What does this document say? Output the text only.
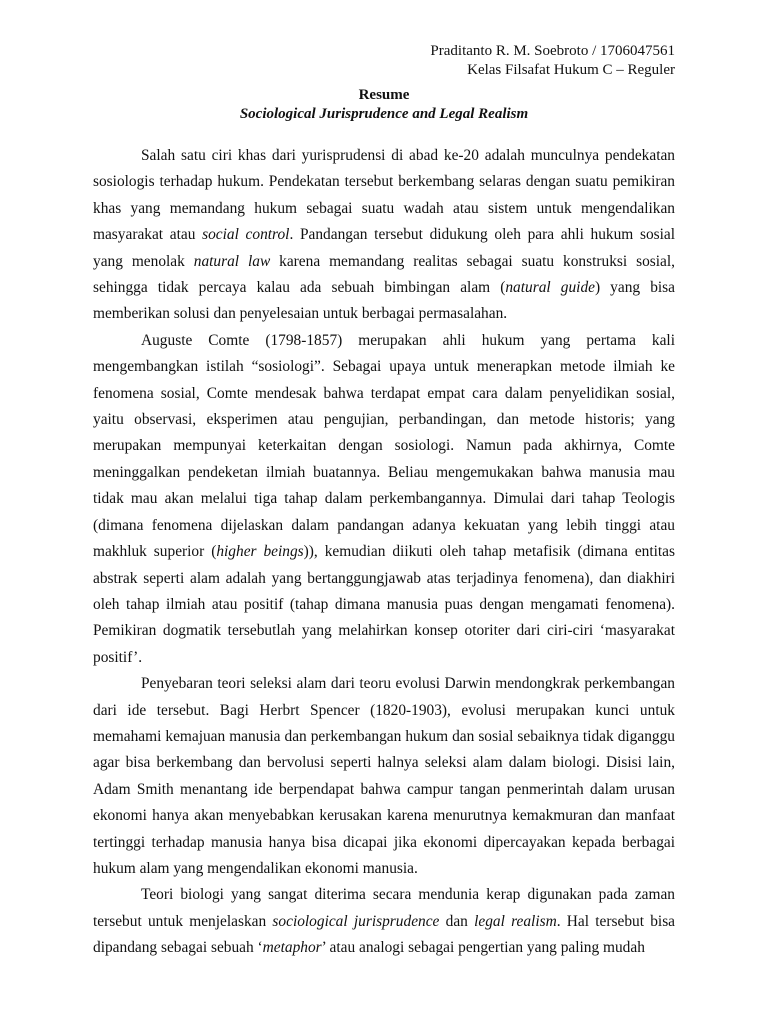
Praditanto R. M. Soebroto / 1706047561
Kelas Filsafat Hukum C – Reguler
Resume
Sociological Jurisprudence and Legal Realism

Salah satu ciri khas dari yurisprudensi di abad ke-20 adalah munculnya pendekatan sosiologis terhadap hukum. Pendekatan tersebut berkembang selaras dengan suatu pemikiran khas yang memandang hukum sebagai suatu wadah atau sistem untuk mengendalikan masyarakat atau social control. Pandangan tersebut didukung oleh para ahli hukum sosial yang menolak natural law karena memandang realitas sebagai suatu konstruksi sosial, sehingga tidak percaya kalau ada sebuah bimbingan alam (natural guide) yang bisa memberikan solusi dan penyelesaian untuk berbagai permasalahan.

Auguste Comte (1798-1857) merupakan ahli hukum yang pertama kali mengembangkan istilah “sosiologi”. Sebagai upaya untuk menerapkan metode ilmiah ke fenomena sosial, Comte mendesak bahwa terdapat empat cara dalam penyelidikan sosial, yaitu observasi, eksperimen atau pengujian, perbandingan, dan metode historis; yang merupakan mempunyai keterkaitan dengan sosiologi. Namun pada akhirnya, Comte meninggalkan pendeketan ilmiah buatannya. Beliau mengemukakan bahwa manusia mau tidak mau akan melalui tiga tahap dalam perkembangannya. Dimulai dari tahap Teologis (dimana fenomena dijelaskan dalam pandangan adanya kekuatan yang lebih tinggi atau makhluk superior (higher beings)), kemudian diikuti oleh tahap metafisik (dimana entitas abstrak seperti alam adalah yang bertanggungjawab atas terjadinya fenomena), dan diakhiri oleh tahap ilmiah atau positif (tahap dimana manusia puas dengan mengamati fenomena). Pemikiran dogmatik tersebutlah yang melahirkan konsep otoriter dari ciri-ciri ‘masyarakat positif’.

Penyebaran teori seleksi alam dari teoru evolusi Darwin mendongkrak perkembangan dari ide tersebut. Bagi Herbrt Spencer (1820-1903), evolusi merupakan kunci untuk memahami kemajuan manusia dan perkembangan hukum dan sosial sebaiknya tidak diganggu agar bisa berkembang dan bervolusi seperti halnya seleksi alam dalam biologi. Disisi lain, Adam Smith menantang ide berpendapat bahwa campur tangan penmerintah dalam urusan ekonomi hanya akan menyebabkan kerusakan karena menurutnya kemakmuran dan manfaat tertinggi terhadap manusia hanya bisa dicapai jika ekonomi dipercayakan kepada berbagai hukum alam yang mengendalikan ekonomi manusia.

Teori biologi yang sangat diterima secara mendunia kerap digunakan pada zaman tersebut untuk menjelaskan sociological jurisprudence dan legal realism. Hal tersebut bisa dipandang sebagai sebuah ‘metaphor’ atau analogi sebagai pengertian yang paling mudah
